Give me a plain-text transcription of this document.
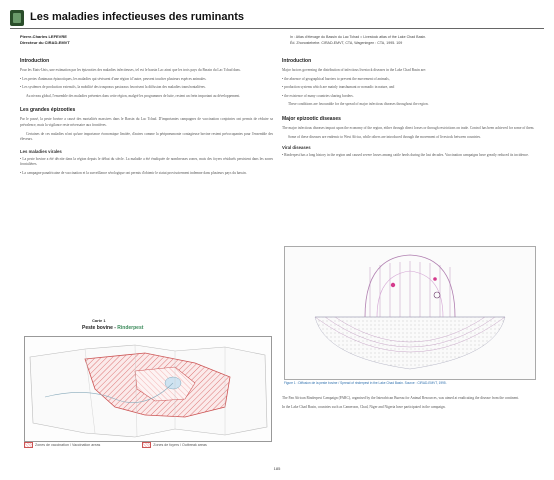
Les maladies infectieuses des ruminants
Pierre-Charles LEFEVRE
Directeur du CIRAD-EMVT
In : Atlas d'élevage du Bassin du Lac Tchad = Livestock atlas of the Lake Chad Basin.
Éd. Zhonostebebe. CIRAD-EMVT, CTA, Wageningen : CTA, 1995. 109
Introduction

Pour les Etats-Unis, une estimation par les épizooties des maladies infectieuses, tel est le bassin Lac ainsi que les trois pays du Bassin du Lac Tchad dans.

• Les pertes d'animaux épizootiques, les maladies qui sévissent d'une région à l'autre, peuvent toucher plusieurs espèces animales.

• Les systèmes de production extensifs, la mobilité des troupeaux pastoraux favorisent la diffusion des maladies transfrontalières.

Au niveau global, l'ensemble des maladies présentes dans cette région, malgré les programmes de lutte, restent un frein important au développement.

Les grandes épizooties

Par le passé, la peste bovine a causé des mortalités massives dans le Bassin du Lac Tchad. D'importantes campagnes de vaccination conjointes ont permis de réduire sa prévalence, mais la vigilance reste nécessaire aux frontières.

Certaines de ces maladies n'ont qu'une importance économique limitée, d'autres comme la péripneumonie contagieuse bovine restent préoccupantes pour l'ensemble des éleveurs.

Les maladies virales

• La peste bovine a été décrite dans la région depuis le début du siècle. La maladie a été éradiquée de nombreuses zones, mais des foyers résiduels persistent dans les zones frontalières.

• La campagne panafricaine de vaccination et la surveillance sérologique ont permis d'obtenir le statut provisoirement indemne dans plusieurs pays du bassin.

Carte 1
Peste bovine - Rinderpest
Zones de vaccination / Vaccination areas	Zones de foyers / Outbreak areas
Introduction

Major factors governing the distribution of infectious livestock diseases in the Lake Chad Basin are:

• the absence of geographical barriers to prevent the movement of animals,

• production systems which are mainly transhumant or nomadic in nature, and

• the existence of many countries sharing borders.

These conditions are favourable for the spread of major infectious diseases throughout the region.

Major epizootic diseases

The major infectious diseases impact upon the economy of the region, either through direct losses or through restrictions on trade. Control has been achieved for some of them.

Some of these diseases are endemic to West Africa, while others are introduced through the movement of livestock between countries.

Viral diseases

• Rinderpest has a long history in the region and caused severe losses among cattle herds during the last decades. Vaccination campaigns have greatly reduced its incidence.

Figure 1 : Diffusion de la peste bovine / Spread of rinderpest in the Lake Chad Basin. Source : CIRAD-EMVT, 1995.

The Pan African Rinderpest Campaign (PARC), organised by the Interafrican Bureau for Animal Resources, was aimed at eradicating the disease from the continent.

In the Lake Chad Basin, countries such as Cameroon, Chad, Niger and Nigeria have participated in the campaign.

185
